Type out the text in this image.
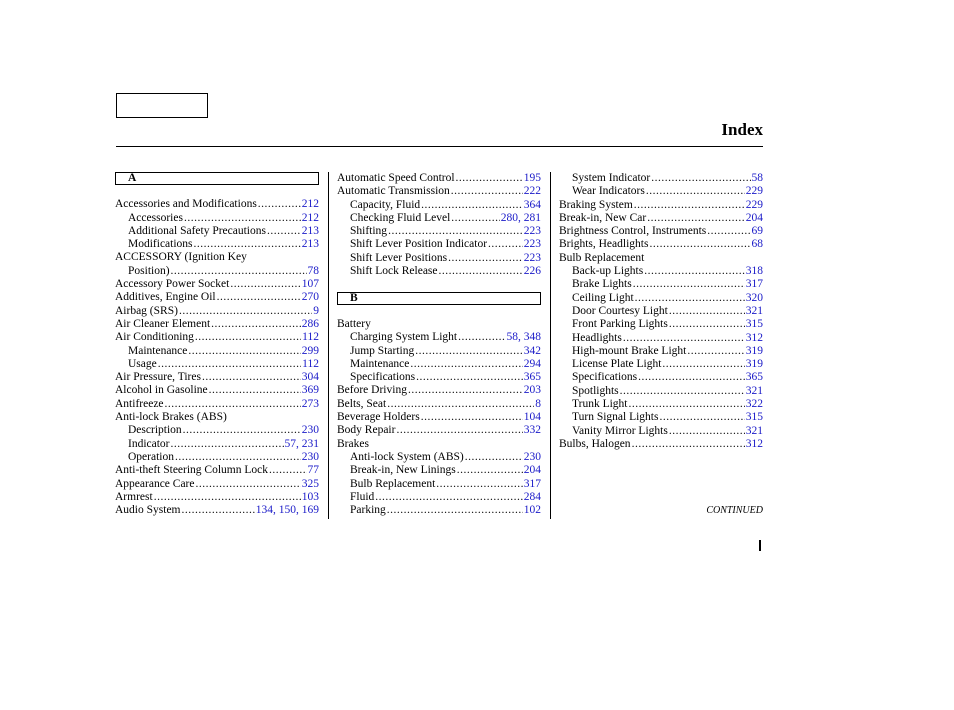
Index
A
Accessories and Modifications .....	212
Accessories .....	212
Additional Safety Precautions .....	213
Modifications .....	213
ACCESSORY (Ignition Key
Position) .....	78
Accessory Power Socket .....	107
Additives, Engine Oil .....	270
Airbag (SRS) .....	9
Air Cleaner Element .....	286
Air Conditioning .....	112
Maintenance .....	299
Usage .....	112
Air Pressure, Tires .....	304
Alcohol in Gasoline .....	369
Antifreeze .....	273
Anti-lock Brakes (ABS)
Description .....	230
Indicator .....	57, 231
Operation .....	230
Anti-theft Steering Column Lock .....	77
Appearance Care .....	325
Armrest .....	103
Audio System .....	134, 150, 169
Automatic Speed Control .....	195
Automatic Transmission .....	222
Capacity, Fluid .....	364
Checking Fluid Level .....	280, 281
Shifting .....	223
Shift Lever Position Indicator .....	223
Shift Lever Positions .....	223
Shift Lock Release .....	226
B
Battery
Charging System Light .....	58, 348
Jump Starting .....	342
Maintenance .....	294
Specifications .....	365
Before Driving .....	203
Belts, Seat .....	8
Beverage Holders .....	104
Body Repair .....	332
Brakes
Anti-lock System (ABS) .....	230
Break-in, New Linings .....	204
Bulb Replacement .....	317
Fluid .....	284
Parking .....	102
System Indicator .....	58
Wear Indicators .....	229
Braking System .....	229
Break-in, New Car .....	204
Brightness Control, Instruments .....	69
Brights, Headlights .....	68
Bulb Replacement
Back-up Lights .....	318
Brake Lights .....	317
Ceiling Light .....	320
Door Courtesy Light .....	321
Front Parking Lights .....	315
Headlights .....	312
High-mount Brake Light .....	319
License Plate Light .....	319
Specifications .....	365
Spotlights .....	321
Trunk Light .....	322
Turn Signal Lights .....	315
Vanity Mirror Lights .....	321
Bulbs, Halogen .....	312
CONTINUED
